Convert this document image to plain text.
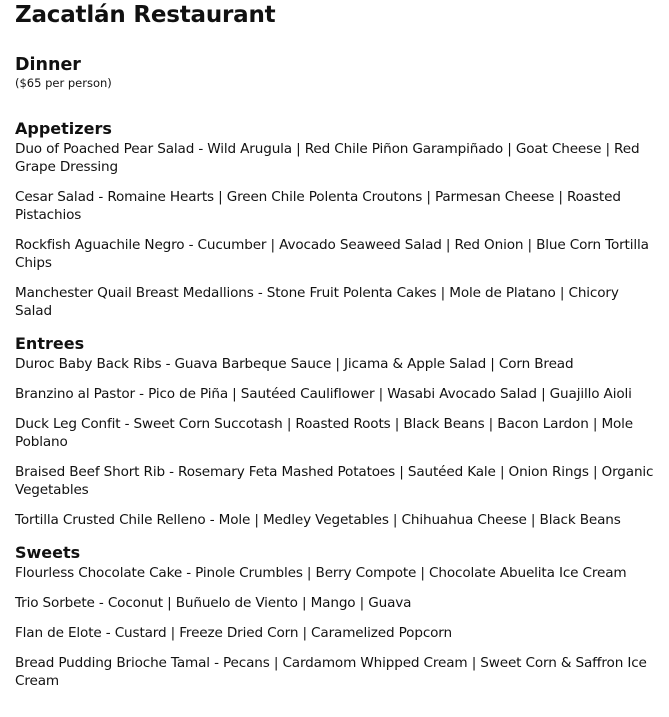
Zacatlán Restaurant
Dinner

($65 per person)

Appetizers
Duo of Poached Pear Salad - Wild Arugula | Red Chile Piñon Garampiñado | Goat Cheese | Red Grape Dressing
Cesar Salad - Romaine Hearts | Green Chile Polenta Croutons | Parmesan Cheese | Roasted Pistachios
Rockfish Aguachile Negro - Cucumber | Avocado Seaweed Salad | Red Onion | Blue Corn Tortilla Chips
Manchester Quail Breast Medallions - Stone Fruit Polenta Cakes | Mole de Platano | Chicory Salad
Entrees
Duroc Baby Back Ribs - Guava Barbeque Sauce | Jicama & Apple Salad | Corn Bread
Branzino al Pastor - Pico de Piña | Sautéed Cauliflower | Wasabi Avocado Salad | Guajillo Aioli
Duck Leg Confit - Sweet Corn Succotash | Roasted Roots | Black Beans | Bacon Lardon | Mole Poblano
Braised Beef Short Rib - Rosemary Feta Mashed Potatoes | Sautéed Kale | Onion Rings | Organic Vegetables
Tortilla Crusted Chile Relleno - Mole | Medley Vegetables | Chihuahua Cheese | Black Beans
Sweets
Flourless Chocolate Cake - Pinole Crumbles | Berry Compote | Chocolate Abuelita Ice Cream
Trio Sorbete - Coconut | Buñuelo de Viento | Mango | Guava
Flan de Elote - Custard | Freeze Dried Corn | Caramelized Popcorn
Bread Pudding Brioche Tamal - Pecans | Cardamom Whipped Cream | Sweet Corn & Saffron Ice Cream
